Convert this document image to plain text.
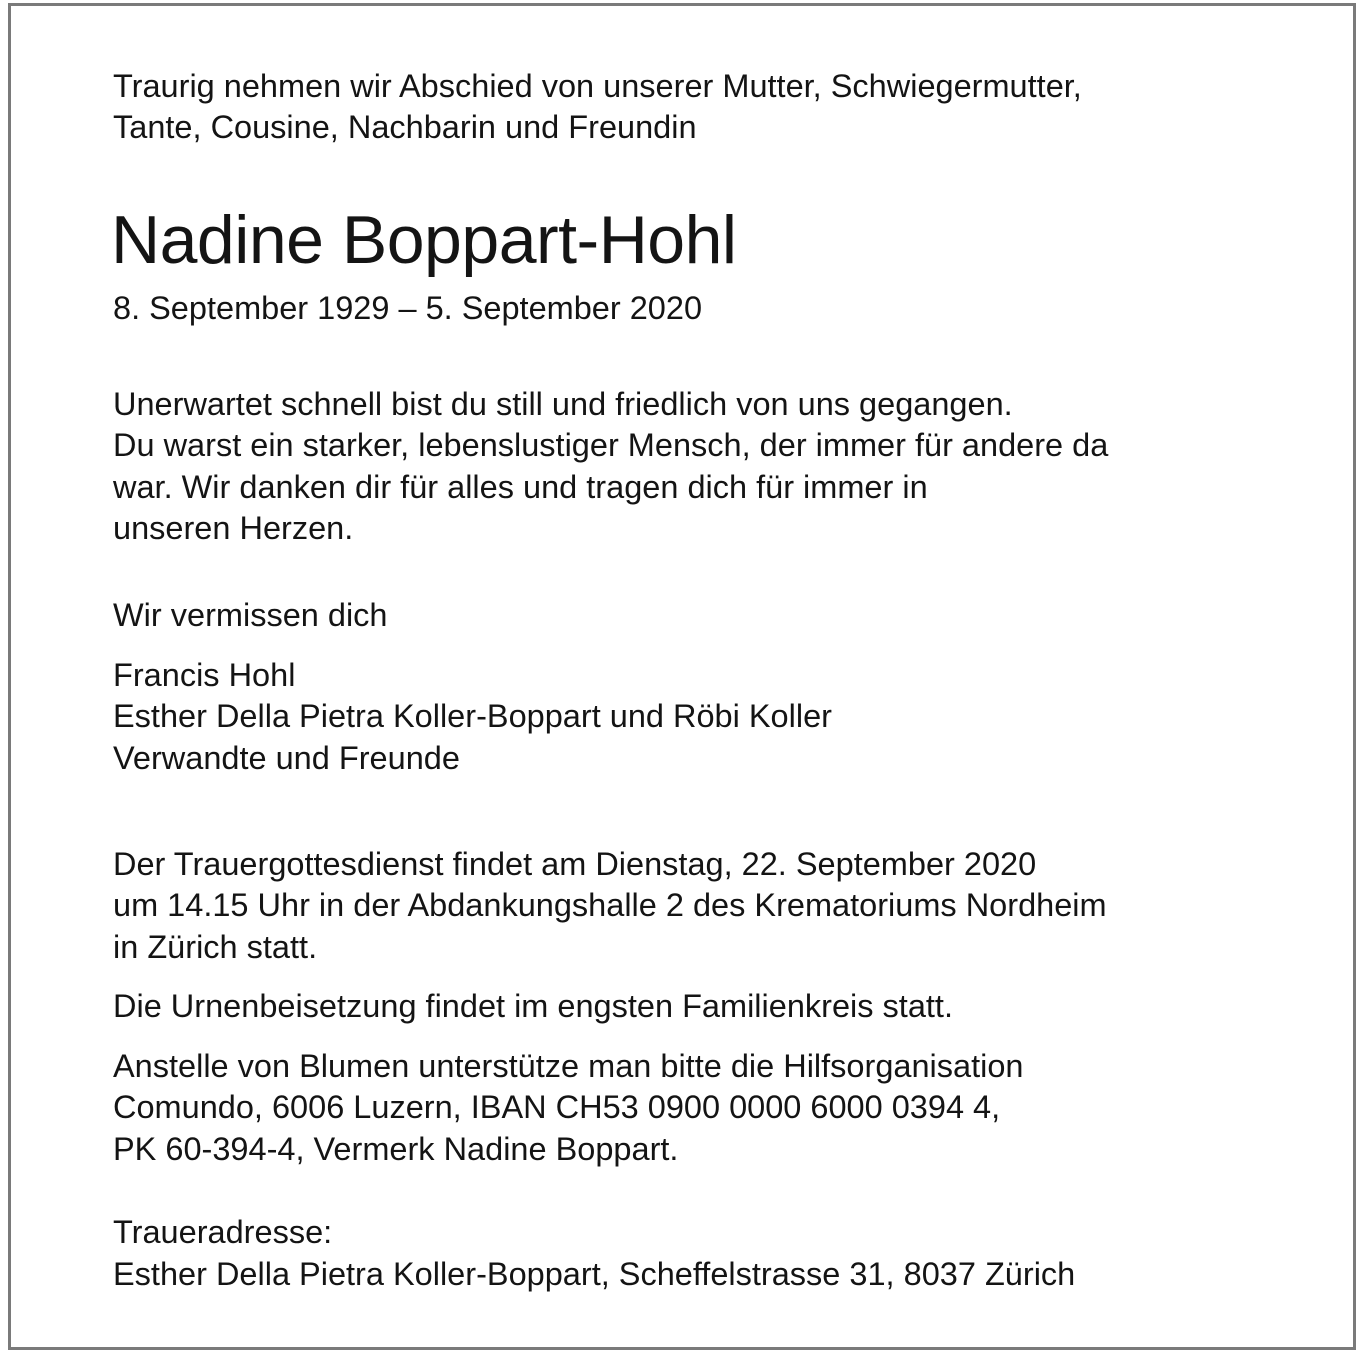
Traurig nehmen wir Abschied von unserer Mutter, Schwiegermutter,
Tante, Cousine, Nachbarin und Freundin
Nadine Boppart-Hohl
8. September 1929 – 5. September 2020
Unerwartet schnell bist du still und friedlich von uns gegangen.
Du warst ein starker, lebenslustiger Mensch, der immer für andere da
war. Wir danken dir für alles und tragen dich für immer in
unseren Herzen.
Wir vermissen dich
Francis Hohl
Esther Della Pietra Koller-Boppart und Röbi Koller
Verwandte und Freunde
Der Trauergottesdienst findet am Dienstag, 22. September 2020
um 14.15 Uhr in der Abdankungshalle 2 des Krematoriums Nordheim
in Zürich statt.
Die Urnenbeisetzung findet im engsten Familienkreis statt.
Anstelle von Blumen unterstütze man bitte die Hilfsorganisation
Comundo, 6006 Luzern, IBAN CH53 0900 0000 6000 0394 4,
PK 60-394-4, Vermerk Nadine Boppart.
Traueradresse:
Esther Della Pietra Koller-Boppart, Scheffelstrasse 31, 8037 Zürich
